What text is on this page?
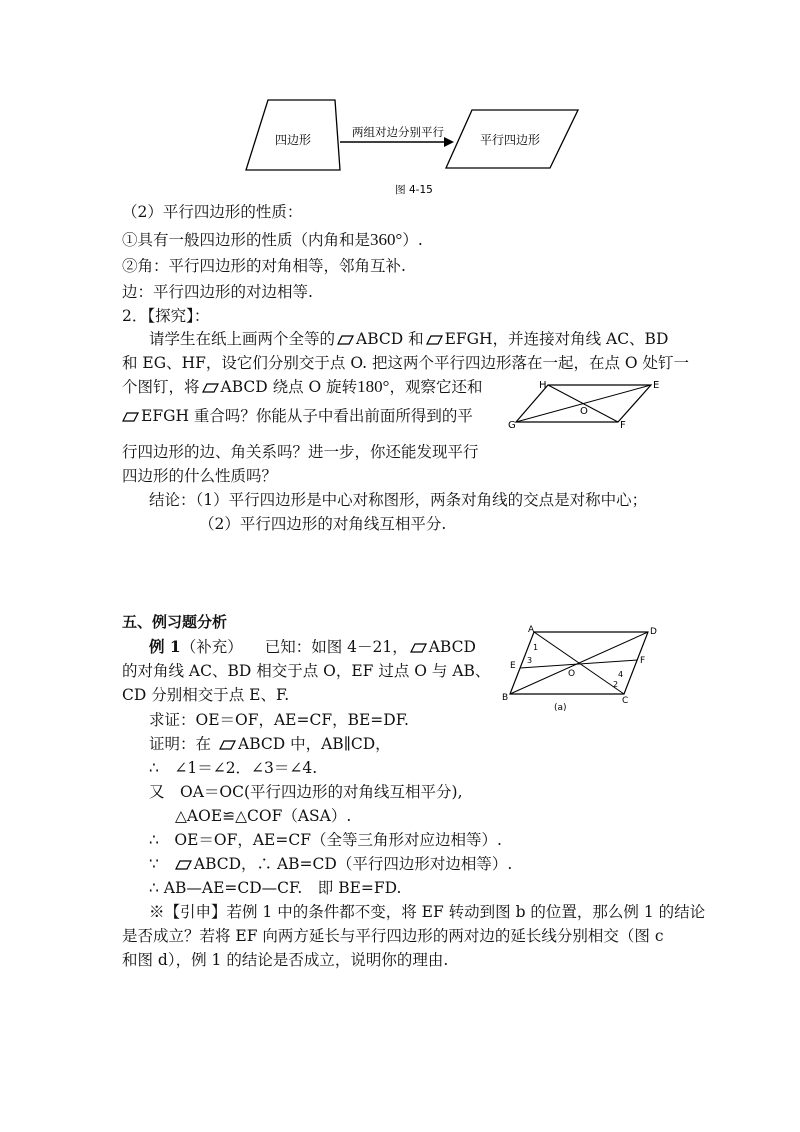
四边形
两组对边分别平行
平行四边形
图 4-15
（2）平行四边形的性质：
①具有一般四边形的性质（内角和是360°）.
②角：平行四边形的对角相等，邻角互补.
边：平行四边形的对边相等.
2．【探究】：
请学生在纸上画两个全等的 ABCD 和 EFGH，并连接对角线 AC、BD
和 EG、HF，设它们分别交于点 O. 把这两个平行四边形落在一起，在点 O 处钉一
个图钉，将 ABCD 绕点 O 旋转180°，观察它还和
EFGH 重合吗？你能从子中看出前面所得到的平
行四边形的边、角关系吗？进一步，你还能发现平行
四边形的什么性质吗？
H	E
G	F
O
结论：（1）平行四边形是中心对称图形，两条对角线的交点是对称中心；
（2）平行四边形的对角线互相平分.
五、例习题分析
例 1（补充） 已知：如图 4－21， ABCD
的对角线 AC、BD 相交于点 O，EF 过点 O 与 AB、
CD 分别相交于点 E、F.
求证：OE＝OF，AE=CF，BE=DF.
证明：在 ABCD 中，AB∥CD，
∴　∠1＝∠2．∠3＝∠4.
又　OA＝OC(平行四边形的对角线互相平分),
△AOE≌△COF（ASA）.
∴　OE＝OF，AE=CF（全等三角形对应边相等）.
∵ ABCD，∴ AB=CD（平行四边形对边相等）.
∴ AB—AE=CD—CF.　即 BE=FD.
A	D
E	F
B	C
O
1
3
4
2
(a)
※【引申】若例 1 中的条件都不变，将 EF 转动到图 b 的位置，那么例 1 的结论
是否成立？若将 EF 向两方延长与平行四边形的两对边的延长线分别相交（图 c
和图 d），例 1 的结论是否成立，说明你的理由.
